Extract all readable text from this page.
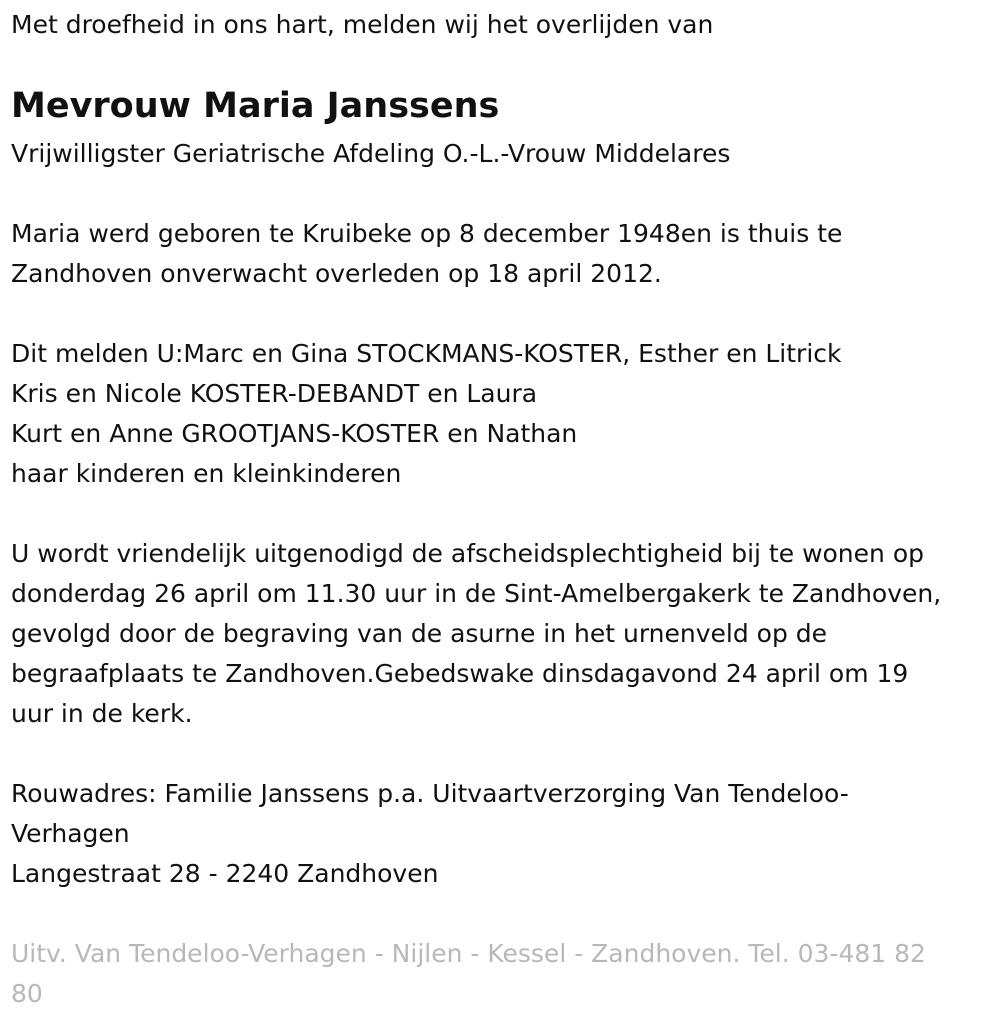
Met droefheid in ons hart, melden wij het overlijden van
Mevrouw Maria Janssens
Vrijwilligster Geriatrische Afdeling O.-L.-Vrouw Middelares
Maria werd geboren te Kruibeke op 8 december 1948en is thuis te
Zandhoven onverwacht overleden op 18 april 2012.
Dit melden U:Marc en Gina STOCKMANS-KOSTER, Esther en Litrick
Kris en Nicole KOSTER-DEBANDT en Laura
Kurt en Anne GROOTJANS-KOSTER en Nathan
haar kinderen en kleinkinderen
U wordt vriendelijk uitgenodigd de afscheidsplechtigheid bij te wonen op
donderdag 26 april om 11.30 uur in de Sint-Amelbergakerk te Zandhoven,
gevolgd door de begraving van de asurne in het urnenveld op de
begraafplaats te Zandhoven.Gebedswake dinsdagavond 24 april om 19
uur in de kerk.
Rouwadres: Familie Janssens p.a. Uitvaartverzorging Van Tendeloo-
Verhagen
Langestraat 28 - 2240 Zandhoven
Uitv. Van Tendeloo-Verhagen - Nijlen - Kessel - Zandhoven. Tel. 03-481 82
80
